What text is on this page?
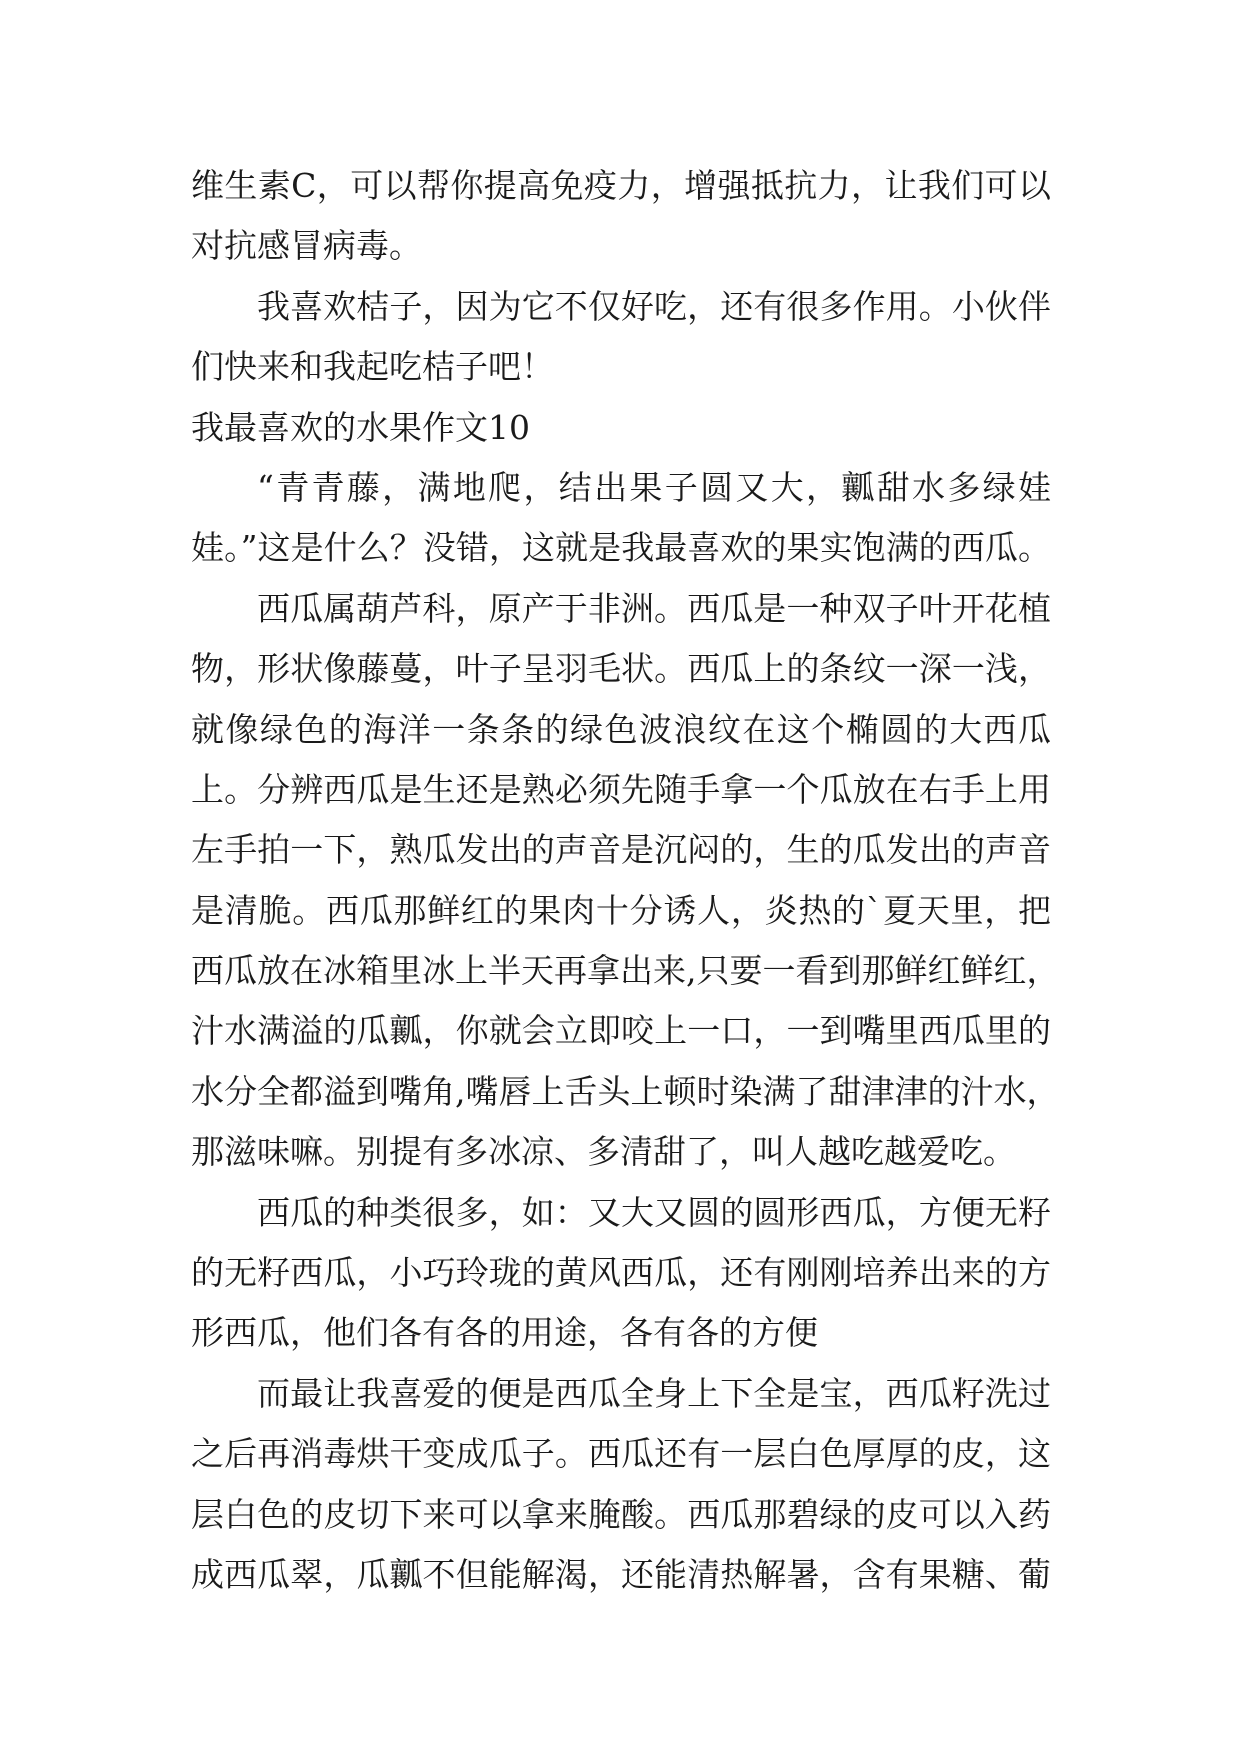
维生素C，可以帮你提高免疫力，增强抵抗力，让我们可以
对抗感冒病毒。
我喜欢桔子，因为它不仅好吃，还有很多作用。小伙伴
们快来和我起吃桔子吧！
我最喜欢的水果作文10
“青青藤，满地爬，结出果子圆又大，瓤甜水多绿娃
娃。”这是什么？没错，这就是我最喜欢的果实饱满的西瓜。
西瓜属葫芦科，原产于非洲。西瓜是一种双子叶开花植
物，形状像藤蔓，叶子呈羽毛状。西瓜上的条纹一深一浅，
就像绿色的海洋一条条的绿色波浪纹在这个椭圆的大西瓜
上。分辨西瓜是生还是熟必须先随手拿一个瓜放在右手上用
左手拍一下，熟瓜发出的声音是沉闷的，生的瓜发出的声音
是清脆。西瓜那鲜红的果肉十分诱人，炎热的`夏天里，把
西瓜放在冰箱里冰上半天再拿出来,只要一看到那鲜红鲜红，
汁水满溢的瓜瓤，你就会立即咬上一口，一到嘴里西瓜里的
水分全都溢到嘴角,嘴唇上舌头上顿时染满了甜津津的汁水，
那滋味嘛。别提有多冰凉、多清甜了，叫人越吃越爱吃。
西瓜的种类很多，如：又大又圆的圆形西瓜，方便无籽
的无籽西瓜，小巧玲珑的黄风西瓜，还有刚刚培养出来的方
形西瓜，他们各有各的用途，各有各的方便
而最让我喜爱的便是西瓜全身上下全是宝，西瓜籽洗过
之后再消毒烘干变成瓜子。西瓜还有一层白色厚厚的皮，这
层白色的皮切下来可以拿来腌酸。西瓜那碧绿的皮可以入药
成西瓜翠，瓜瓤不但能解渴，还能清热解暑，含有果糖、葡
